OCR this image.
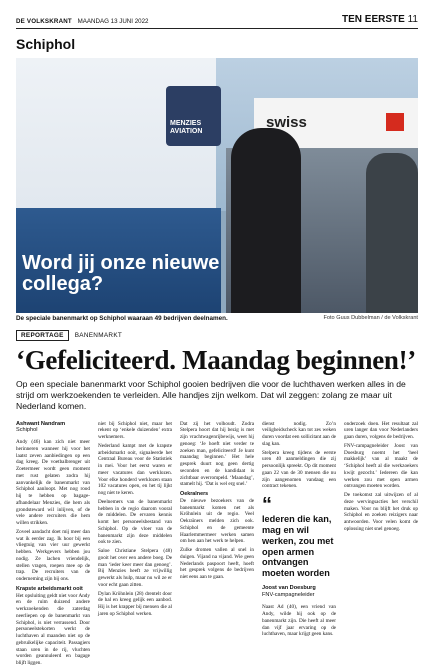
DE VOLKSKRANT MAANDAG 13 JUNI 2022	TEN EERSTE 11
Schiphol
MENZIES AVIATION
swiss
Word jij onze nieuwe collega?
De speciale banenmarkt op Schiphol waaraan 49 bedrijven deelnamen.	Foto Guus Dubbelman / de Volkskrant
REPORTAGE	BANENMARKT
‘Gefeliciteerd. Maandag beginnen!’
Op een speciale banenmarkt voor Schiphol gooien bedrijven die voor de luchthaven werken alles in de strijd om werkzoekenden te verleiden. Alle handjes zijn welkom. Dat wil zeggen: zolang ze maar uit Nederland komen.
Ashwant Nandram
Schiphol

Andy (46) kan zich niet meer herinneren wanneer hij voor het laatst zeven aanbiedingen op een dag kreeg. De voetbalbrenger uit Zoetermeer wordt geen moment met rust gelaten zodra hij aanvankelijk de banenmarkt van Schiphol aanloopt. Met nog rood hij te hebben op bagage-afhandelaar Menzies, die hem als grondsteward wil inlijven, of de vele andere recruiters die hem willen strikken.

Zoveel aandacht doet mij meer dan wat ik eerder zag. Ik hoor bij een vliegtuig van vier uur gewerkt hebben. Werkgevers hebben jou nodig. Ze lachen vriendelijk, stellen vragen, roepen mee op de trap. De recruiters van de onderneming zijn bij ons.

Krapste arbeidsmarkt ooit

Het opsluiting geldt niet voor Andy en de ruim duizend andere werkzoekenden die zaterdag neerliepen op de banenmarkt van Schiphol, is niet verrassend. Door personeelstekorten werkt de luchthaven al maanden niet op de gebruikelijke capaciteit. Passagiers staan uren in de rij, vluchten worden geannuleerd en bagage blijft liggen.

niet bij Schiphol niet, maar het rekent op ‘enkele duizenden’ extra werknemers.

Nederland kampt met de krapste arbeidsmarkt ooit, signaleerde het Centraal Bureau voor de Statistiek in mei. Voor het eerst waren er meer vacatures dan werklozen. Voor elke honderd werklozen staan 102 vacatures open, en het tij lijkt nog niet te keren.

Deelnemers van de banenmarkt hebben in de regio daarom vooral de middelen. De ervaren kennis komt het personeelsbestand van Schiphol. Op de vloer van de banenmarkt zijn deze middelen ook te zien.

Saloe Christiane Stelpera (48) gooit het over een andere boeg. De man ‘ieder keer meer dan genoeg’. Bij Menzies heeft ze vrijwillig gewerkt als hulp, maar nu wil ze er voor echt gaan zitten.

Dylan Kröhnlein (28) drentelt door de hal en kreeg gelijk een aanbod. Hij is het krapper bij mensen die al jaren op Schiphol werken.

Dat zij het volhoudt. Zodra Stelpera hoort dat hij bezig is met zijn vrachtwagenrijbewijs, weet hij genoeg: ‘Je hoeft niet verder te zoeken man, gefeliciteerd! Je kunt maandag beginnen.’ Het hele gesprek duurt nog geen dertig seconden en de kandidaat is zichtbaar overrompeld. ‘Maandag’, stamelt hij. ‘Dat is wel erg snel.’

Oekraïners

De nieuwe bezoekers van de banenmarkt komen net als Kröhnlein uit de regio. Veel Oekraïners melden zich ook. Schiphol en de gemeente Haarlemmermeer werken samen om hen aan het werk te helpen.

Zulke dromen vallen al snel in duigen. Vijand na vijand. Wie geen Nederlands paspoort heeft, hoeft het gesprek volgens de bedrijven niet eens aan te gaan.

dienst nodig. Zo’n veiligheidscheck kan tot zes weken duren voordat een sollicitant aan de slag kan.

Stelpera kreeg tijdens de eerste uren 40 aanmeldingen die zij persoonlijk spreekt. Op dit moment gaan 22 van de 30 mensen die nu zijn aangenomen vandaag een contract tekenen.

“
Iederen die kan, mag en wil werken, zou met open armen ontvangen moeten worden
Joost van Doesburg
FNV-campagneleider

Naast Ad (40), een vriend van Andy, wilde hij ook op de banenmarkt zijn. Die heeft al meer dan vijf jaar ervaring op de luchthaven, maar krijgt geen kans.

onderzoek doen. Het resultaat zal uren langer dan voor Nederlanders gaan duren, volgens de bedrijven.

FNV-campagneleider Joost van Doesburg noemt het ‘heel makkelijk’ van al maakt de ‘Schiphol heeft al die werkzoekers kwijt gezocht.’ Iedereen die kan werken zou met open armen ontvangen moeten worden.

De toekomst zal uitwijzen of al deze wervingsacties het verschil maken. Voor nu blijft het druk op Schiphol en zoeken reizigers naar antwoorden. Voor velen komt de oplossing niet snel genoeg.
